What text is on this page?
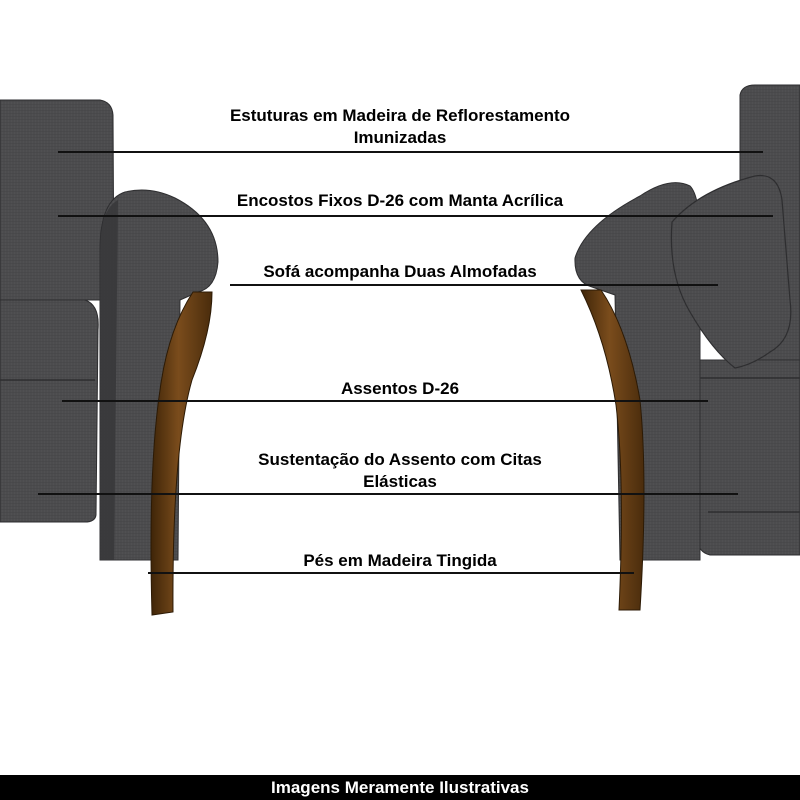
Estuturas em Madeira de Reflorestamento
Imunizadas
Encostos Fixos D-26 com Manta Acrílica
Sofá acompanha Duas Almofadas
Assentos D-26
Sustentação do Assento com Citas
Elásticas
Pés em Madeira Tingida
Imagens Meramente Ilustrativas
